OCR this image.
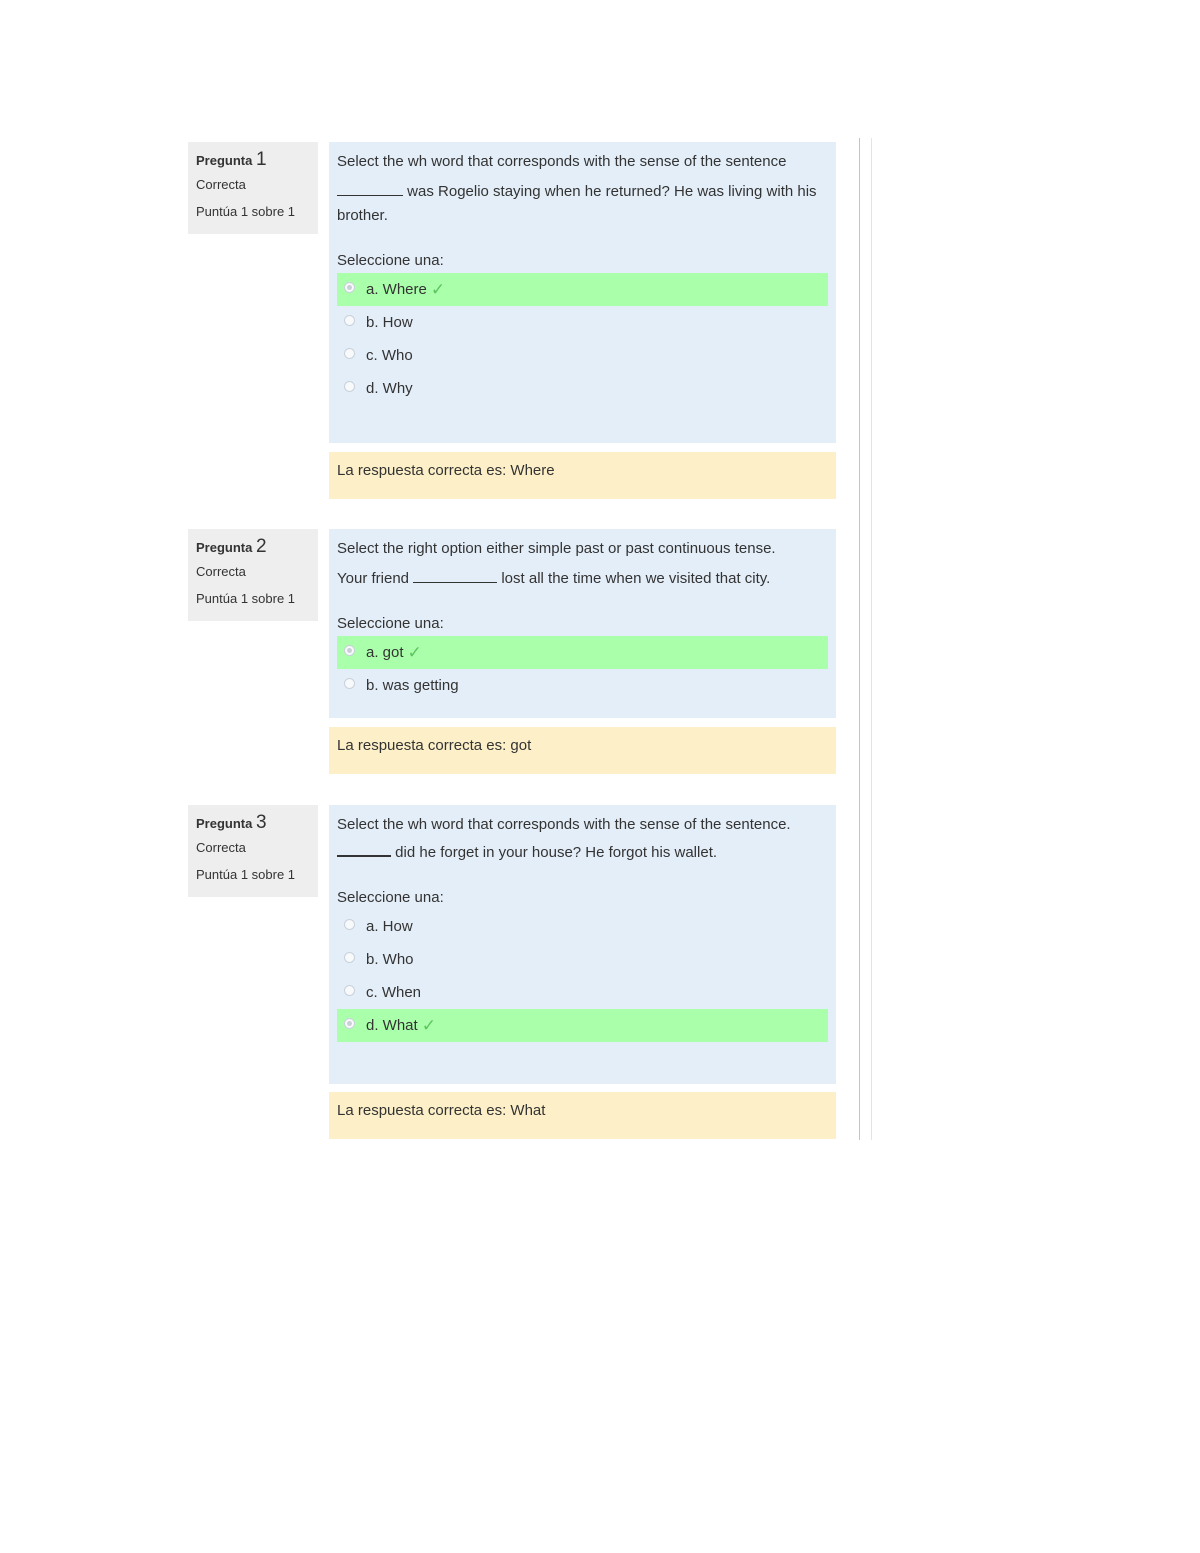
Pregunta 1
Correcta
Puntúa 1 sobre 1

Select the wh word that corresponds with the sense of the sentence

was Rogelio staying when he returned? He was living with his brother.

Seleccione una:
a. Where ✓
b. How
c. Who
d. Why
La respuesta correcta es: Where
Pregunta 2
Correcta
Puntúa 1 sobre 1

Select the right option either simple past or past continuous tense.

Your friend	lost all the time when we visited that city.

Seleccione una:
a. got ✓
b. was getting
La respuesta correcta es: got
Pregunta 3
Correcta
Puntúa 1 sobre 1

Select the wh word that corresponds with the sense of the sentence.

did he forget in your house? He forgot his wallet.

Seleccione una:
a. How
b. Who
c. When
d. What ✓
La respuesta correcta es: What
